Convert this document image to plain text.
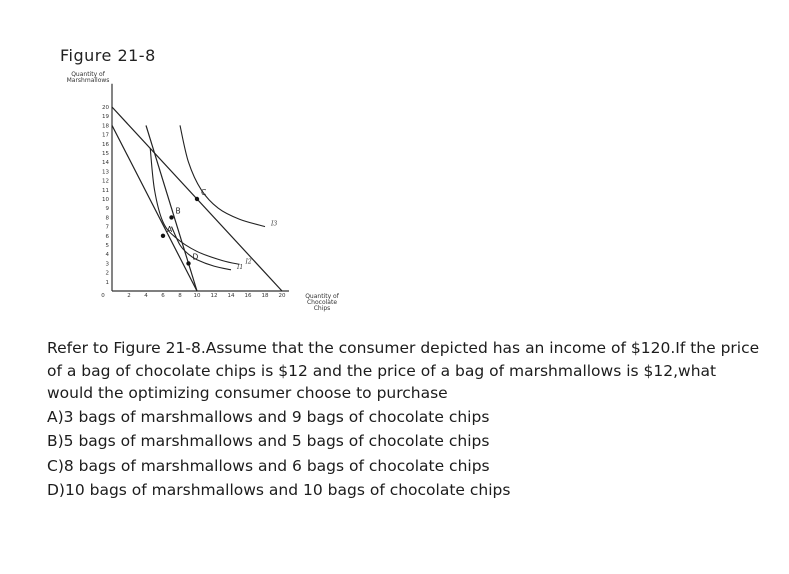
Figure 21-8
Quantity of
Marshmallows
Quantity of
Chocolate
Chips
0	2 4 6 8 10 12 14 16 18 20
1
2
3
4
5
6
7
8
9
10
11
12
13
14
15
16
17
18
19
20
I1
I2
I3
A
B
C
D

Refer to Figure 21-8.Assume that the consumer depicted has an income of $120.If the price of a bag of chocolate chips is $12 and the price of a bag of marshmallows is $12,what would the optimizing consumer choose to purchase

A)3 bags of marshmallows and 9 bags of chocolate chips

B)5 bags of marshmallows and 5 bags of chocolate chips

C)8 bags of marshmallows and 6 bags of chocolate chips

D)10 bags of marshmallows and 10 bags of chocolate chips
